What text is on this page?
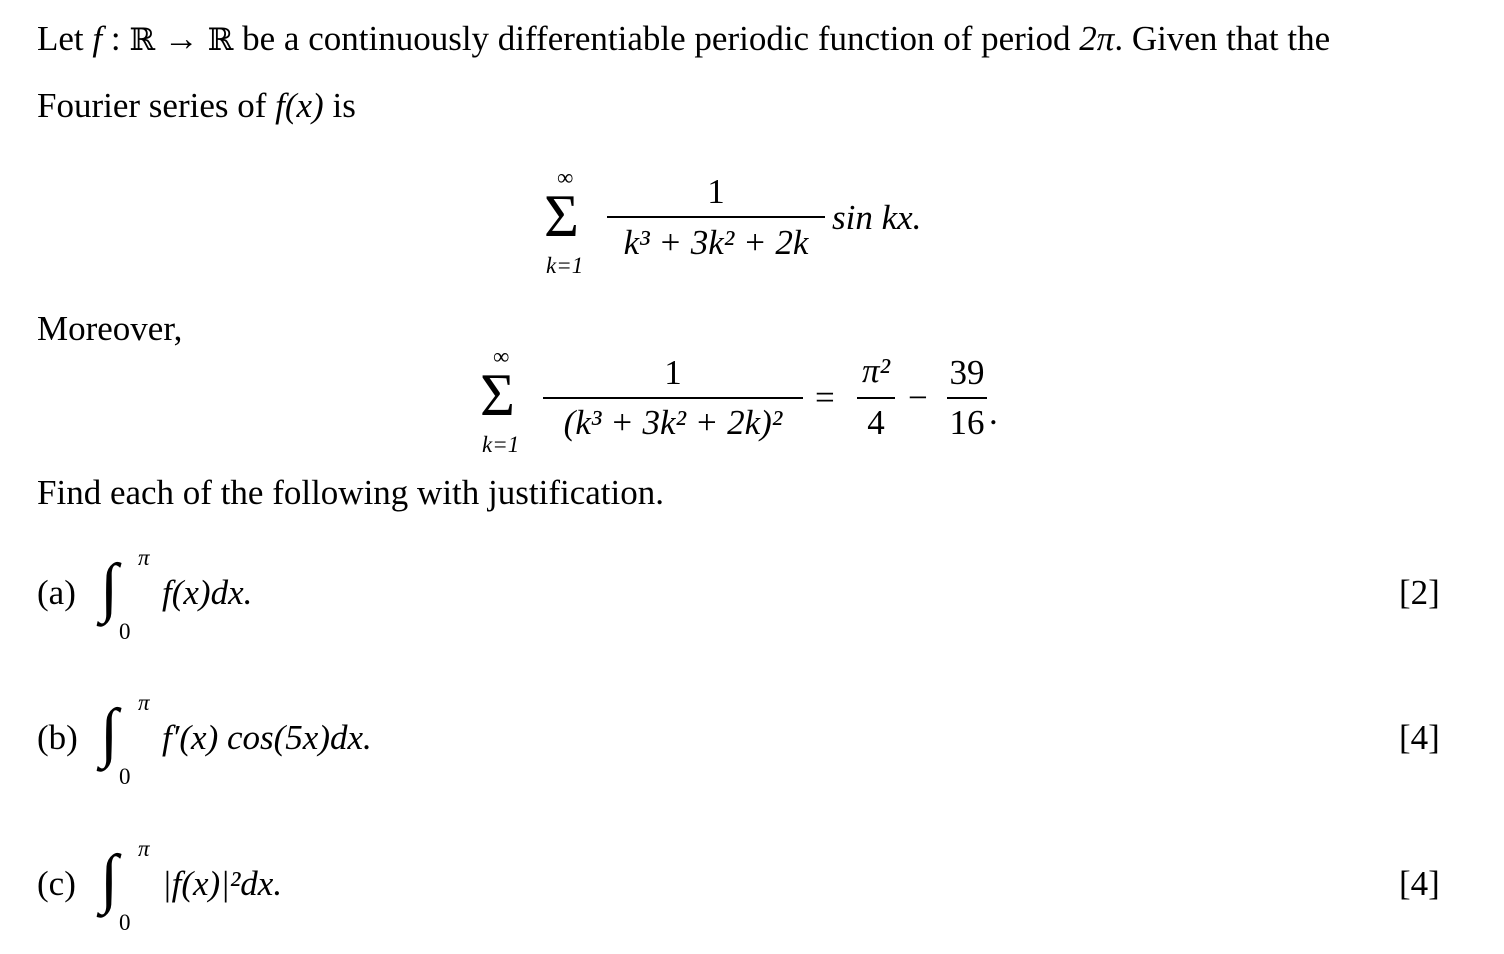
Let f : ℝ → ℝ be a continuously differentiable periodic function of period 2π. Given that the
Fourier series of f(x) is
∞
Σ
k=1
1
k³ + 3k² + 2k
sin kx.
Moreover,
∞
Σ
k=1
1
(k³ + 3k² + 2k)²
=
π²
4
−
39
16 .
Find each of the following with justification.
(a) ∫ π
0
f(x)dx.	[2]
(b) ∫ π
0
f′(x) cos(5x)dx.	[4]
(c) ∫ π
0
|f(x)|²dx.	[4]
